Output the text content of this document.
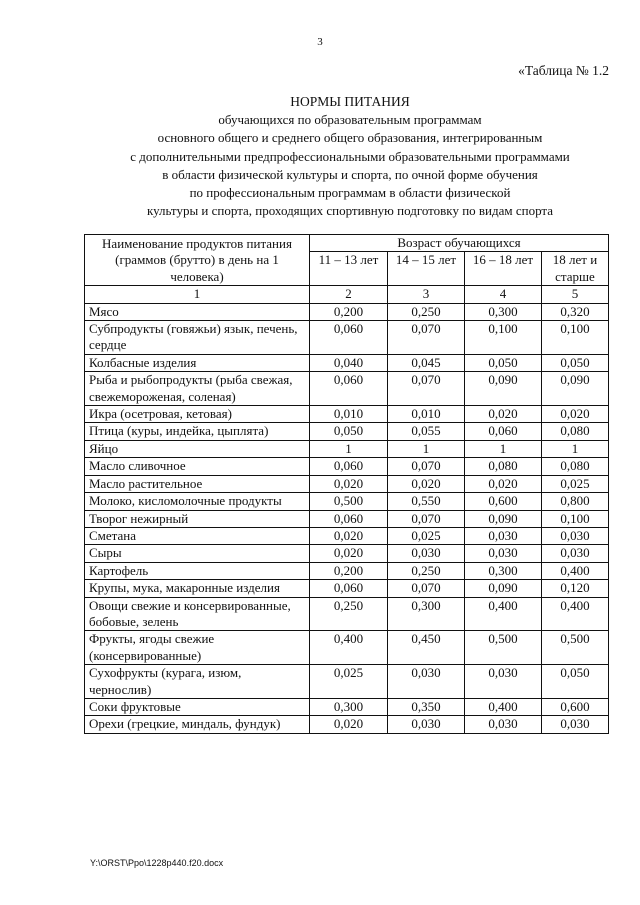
3
«Таблица № 1.2
НОРМЫ ПИТАНИЯ
обучающихся по образовательным программам
основного общего и среднего общего образования, интегрированным
с дополнительными предпрофессиональными образовательными программами
в области физической культуры и спорта, по очной форме обучения
по профессиональным программам в области физической
культуры и спорта, проходящих спортивную подготовку по видам спорта
Наименование продуктов питания (граммов (брутто) в день на 1 человека)	Возраст обучающихся			
	11 – 13 лет	14 – 15 лет	16 – 18 лет	18 лет и старше
1	2	3	4	5
Мясо	0,200	0,250	0,300	0,320
Субпродукты (говяжьи) язык, печень, сердце	0,060	0,070	0,100	0,100
Колбасные изделия	0,040	0,045	0,050	0,050
Рыба и рыбопродукты (рыба свежая, свежемороженая, соленая)	0,060	0,070	0,090	0,090
Икра (осетровая, кетовая)	0,010	0,010	0,020	0,020
Птица (куры, индейка, цыплята)	0,050	0,055	0,060	0,080
Яйцо	1	1	1	1
Масло сливочное	0,060	0,070	0,080	0,080
Масло растительное	0,020	0,020	0,020	0,025
Молоко, кисломолочные продукты	0,500	0,550	0,600	0,800
Творог нежирный	0,060	0,070	0,090	0,100
Сметана	0,020	0,025	0,030	0,030
Сыры	0,020	0,030	0,030	0,030
Картофель	0,200	0,250	0,300	0,400
Крупы, мука, макаронные изделия	0,060	0,070	0,090	0,120
Овощи свежие и консервированные, бобовые, зелень	0,250	0,300	0,400	0,400
Фрукты, ягоды свежие (консервированные)	0,400	0,450	0,500	0,500
Сухофрукты (курага, изюм, чернослив)	0,025	0,030	0,030	0,050
Соки фруктовые	0,300	0,350	0,400	0,600
Орехи (грецкие, миндаль, фундук)	0,020	0,030	0,030	0,030
Y:\ORST\Ppo\1228p440.f20.docx
